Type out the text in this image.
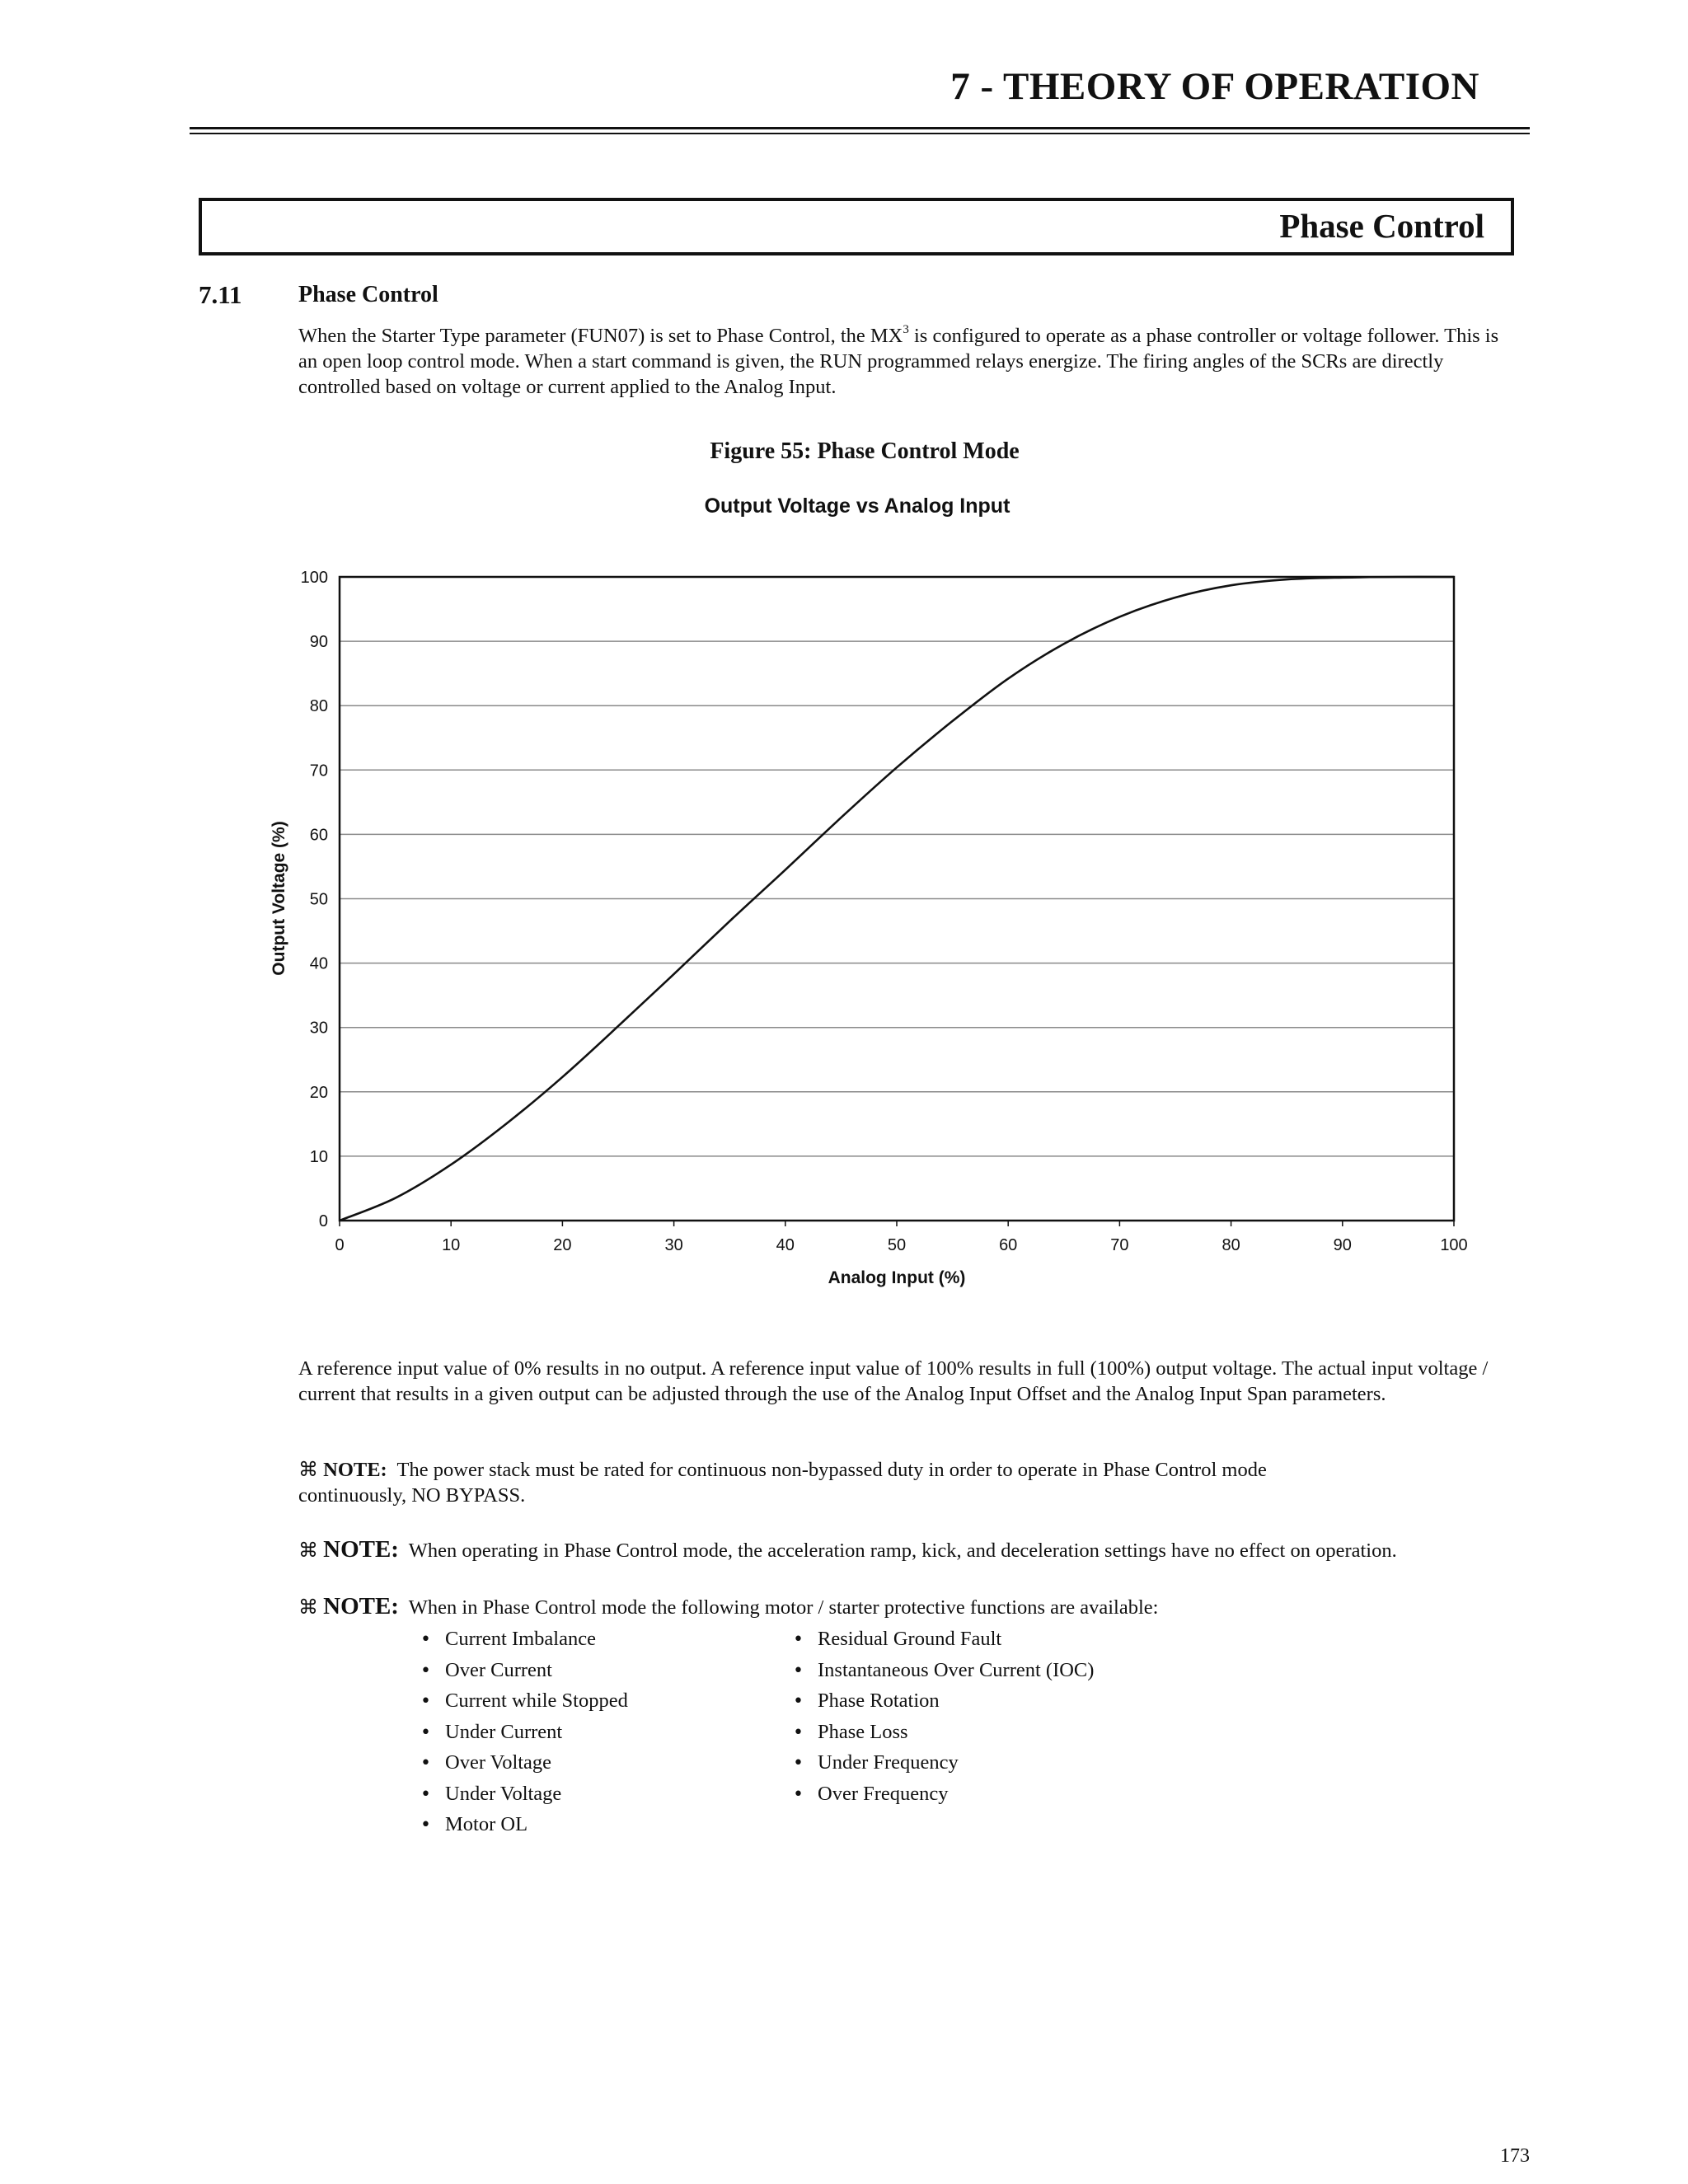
7 - THEORY OF OPERATION
Phase Control
7.11 Phase Control
When the Starter Type parameter (FUN07) is set to Phase Control, the $MX^3$ is configured to operate as a phase controller or voltage follower. This is an open loop control mode. When a start command is given, the RUN programmed relays energize. The firing angles of the SCRs are directly controlled based on voltage or current applied to the Analog Input.
Figure 55: Phase Control Mode
Output Voltage vs Analog Input
0
10
20
30
40
50
60
70
80
90
100
0	10	20	30	40	50	60	70	80	90	100
Analog Input (%)
Output Voltage (%)
A reference input value of 0% results in no output. A reference input value of 100% results in full (100%) output voltage. The actual input voltage / current that results in a given output can be adjusted through the use of the Analog Input Offset and the Analog Input Span parameters.
⌘ NOTE: The power stack must be rated for continuous non-bypassed duty in order to operate in Phase Control mode continuously, NO BYPASS.
⌘ NOTE: When operating in Phase Control mode, the acceleration ramp, kick, and deceleration settings have no effect on operation.
⌘ NOTE: When in Phase Control mode the following motor / starter protective functions are available:
• Current Imbalance
• Over Current
• Current while Stopped
• Under Current
• Over Voltage
• Under Voltage
• Motor OL
• Residual Ground Fault
• Instantaneous Over Current (IOC)
• Phase Rotation
• Phase Loss
• Under Frequency
• Over Frequency
173
